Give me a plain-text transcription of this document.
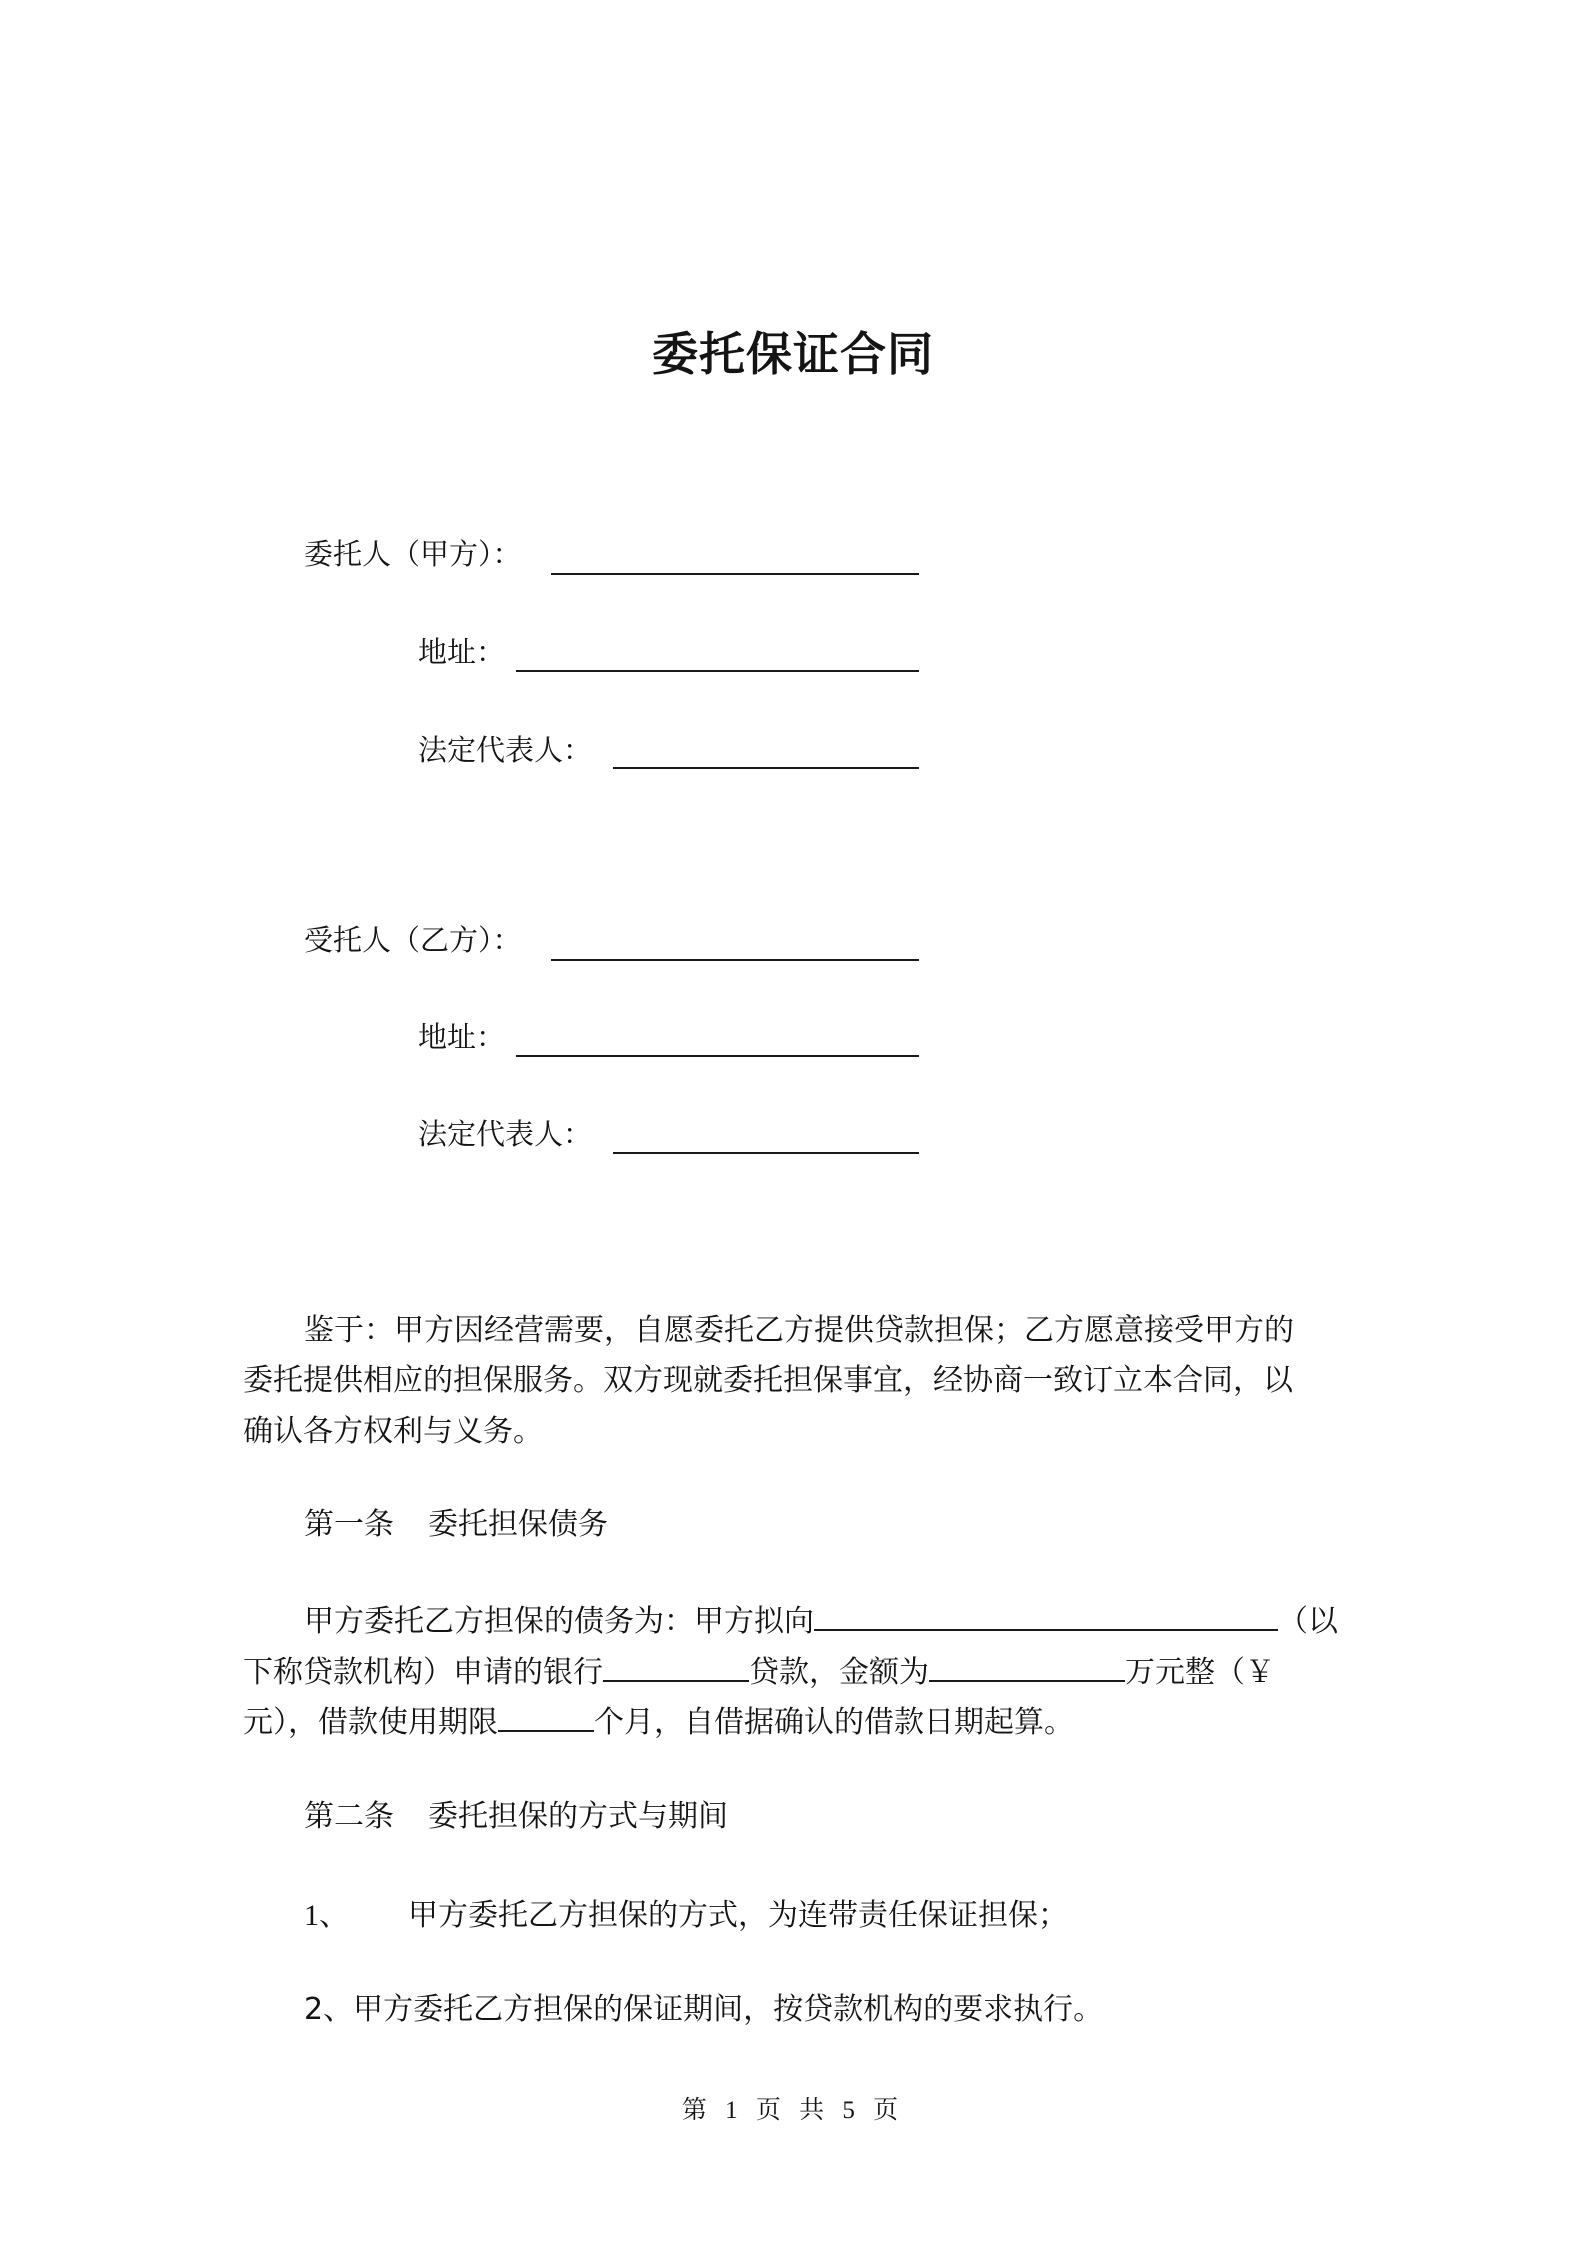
委托保证合同
委托人（甲方）：
地址：
法定代表人：
受托人（乙方）：
地址：
法定代表人：
鉴于：甲方因经营需要，自愿委托乙方提供贷款担保；乙方愿意接受甲方的
委托提供相应的担保服务。双方现就委托担保事宜，经协商一致订立本合同，以
确认各方权利与义务。
第一条 委托担保债务
甲方委托乙方担保的债务为：甲方拟向	（以
下称贷款机构）申请的银行	贷款，金额为	万元整（￥
元），借款使用期限	个月，自借据确认的借款日期起算。
第二条 委托担保的方式与期间
1、 甲方委托乙方担保的方式，为连带责任保证担保；
2、甲方委托乙方担保的保证期间，按贷款机构的要求执行。
第 1 页 共 5 页
